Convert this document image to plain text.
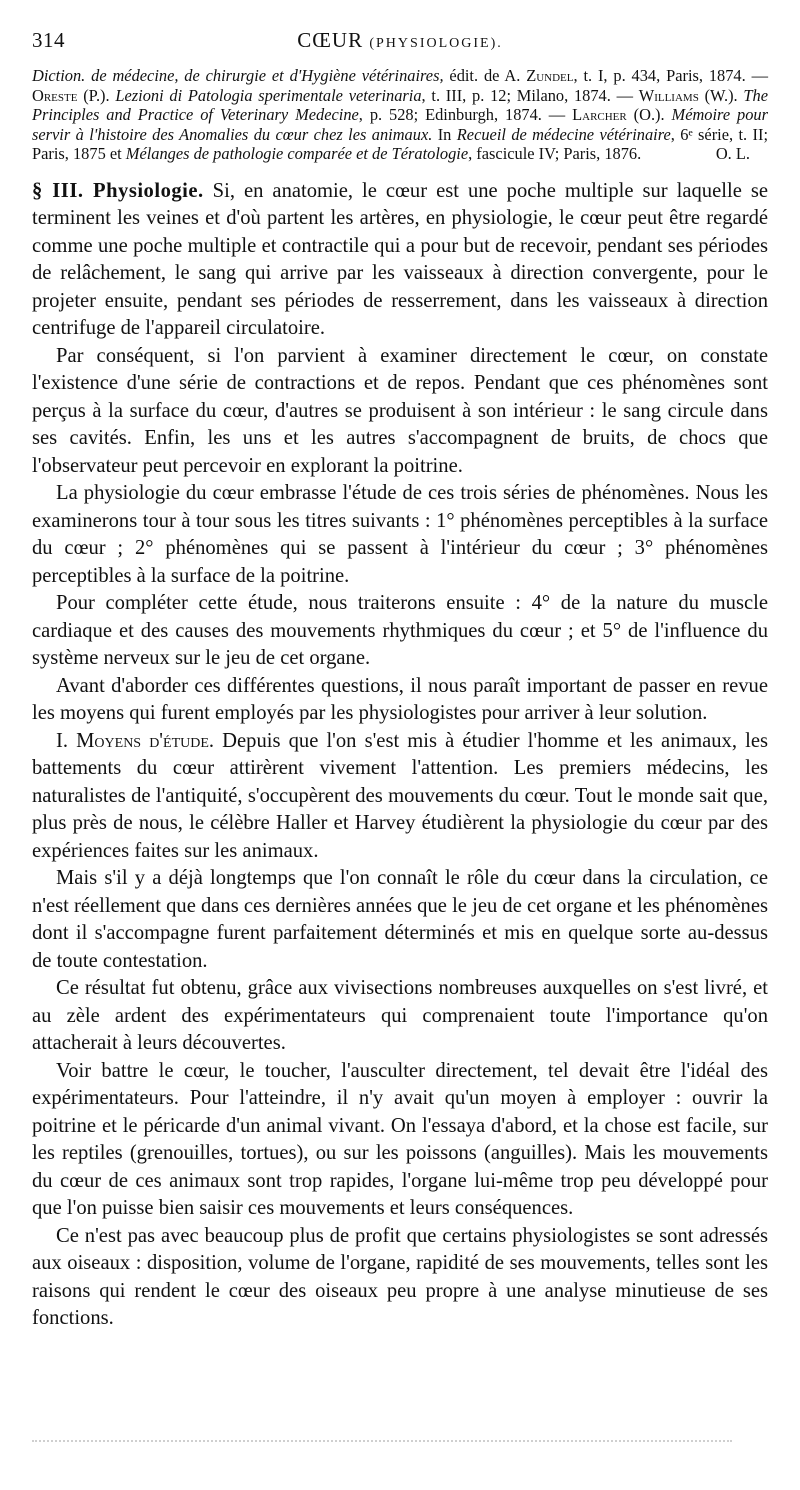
314	CŒUR (PHYSIOLOGIE).
Diction. de médecine, de chirurgie et d'Hygiène vétérinaires, édit. de A. Zundel, t. I, p. 434, Paris, 1874. — Oreste (P.). Lezioni di Patologia sperimentale veterinaria, t. III, p. 12; Milano, 1874. — Williams (W.). The Principles and Practice of Veterinary Medecine, p. 528; Edinburgh, 1874. — Larcher (O.). Mémoire pour servir à l'histoire des Anomalies du cœur chez les animaux. In Recueil de médecine vétérinaire, 6ᵉ série, t. II; Paris, 1875 et Mélanges de pathologie comparée et de Tératologie, fascicule IV; Paris, 1876.	O. L.

§ III. Physiologie. Si, en anatomie, le cœur est une poche multiple sur laquelle se terminent les veines et d'où partent les artères, en physiologie, le cœur peut être regardé comme une poche multiple et contractile qui a pour but de recevoir, pendant ses périodes de relâchement, le sang qui arrive par les vaisseaux à direction convergente, pour le projeter ensuite, pendant ses périodes de resserrement, dans les vaisseaux à direction centrifuge de l'appareil circulatoire.

Par conséquent, si l'on parvient à examiner directement le cœur, on constate l'existence d'une série de contractions et de repos. Pendant que ces phénomènes sont perçus à la surface du cœur, d'autres se produisent à son intérieur : le sang circule dans ses cavités. Enfin, les uns et les autres s'accompagnent de bruits, de chocs que l'observateur peut percevoir en explorant la poitrine.

La physiologie du cœur embrasse l'étude de ces trois séries de phénomènes. Nous les examinerons tour à tour sous les titres suivants : 1° phénomènes perceptibles à la surface du cœur ; 2° phénomènes qui se passent à l'intérieur du cœur ; 3° phénomènes perceptibles à la surface de la poitrine.

Pour compléter cette étude, nous traiterons ensuite : 4° de la nature du muscle cardiaque et des causes des mouvements rhythmiques du cœur ; et 5° de l'influence du système nerveux sur le jeu de cet organe.

Avant d'aborder ces différentes questions, il nous paraît important de passer en revue les moyens qui furent employés par les physiologistes pour arriver à leur solution.

I. Moyens d'étude. Depuis que l'on s'est mis à étudier l'homme et les animaux, les battements du cœur attirèrent vivement l'attention. Les premiers médecins, les naturalistes de l'antiquité, s'occupèrent des mouvements du cœur. Tout le monde sait que, plus près de nous, le célèbre Haller et Harvey étudièrent la physiologie du cœur par des expériences faites sur les animaux.

Mais s'il y a déjà longtemps que l'on connaît le rôle du cœur dans la circulation, ce n'est réellement que dans ces dernières années que le jeu de cet organe et les phénomènes dont il s'accompagne furent parfaitement déterminés et mis en quelque sorte au-dessus de toute contestation.

Ce résultat fut obtenu, grâce aux vivisections nombreuses auxquelles on s'est livré, et au zèle ardent des expérimentateurs qui comprenaient toute l'importance qu'on attacherait à leurs découvertes.

Voir battre le cœur, le toucher, l'ausculter directement, tel devait être l'idéal des expérimentateurs. Pour l'atteindre, il n'y avait qu'un moyen à employer : ouvrir la poitrine et le péricarde d'un animal vivant. On l'essaya d'abord, et la chose est facile, sur les reptiles (grenouilles, tortues), ou sur les poissons (anguilles). Mais les mouvements du cœur de ces animaux sont trop rapides, l'organe lui-même trop peu développé pour que l'on puisse bien saisir ces mouvements et leurs conséquences.

Ce n'est pas avec beaucoup plus de profit que certains physiologistes se sont adressés aux oiseaux : disposition, volume de l'organe, rapidité de ses mouvements, telles sont les raisons qui rendent le cœur des oiseaux peu propre à une analyse minutieuse de ses fonctions.
